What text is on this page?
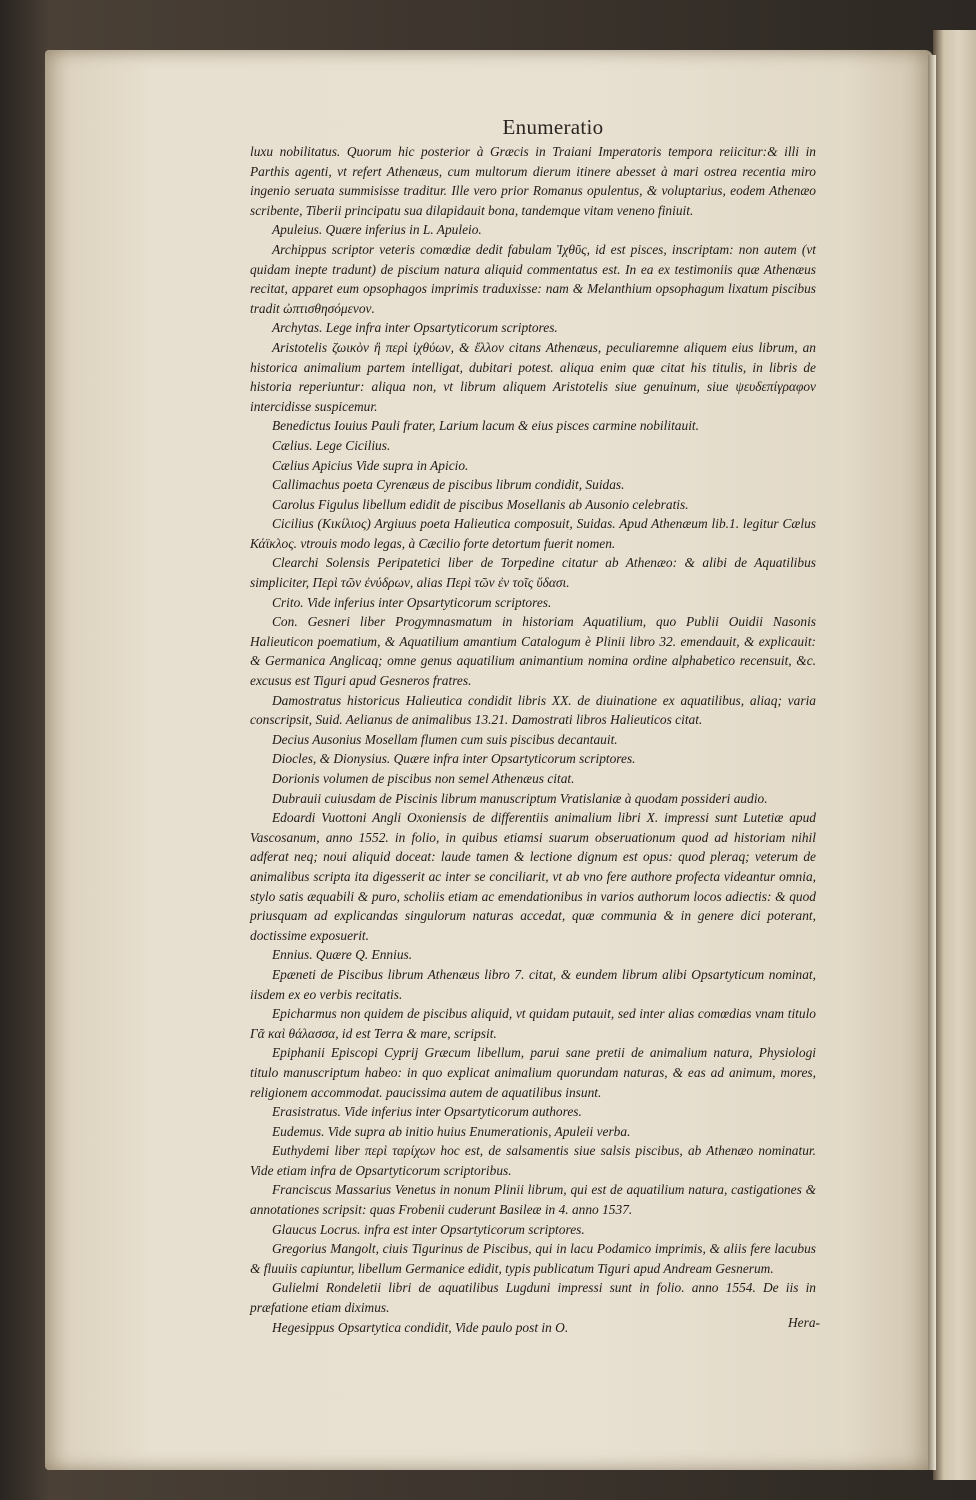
Enumeratio

luxu nobilitatus. Quorum hic posterior à Græcis in Traiani Imperatoris tempora reiicitur:& illi in Parthis agenti, vt refert Athenæus, cum multorum dierum itinere abesset à mari ostrea recentia miro ingenio seruata summisisse traditur. Ille vero prior Romanus opulentus, & voluptarius, eodem Athenæo scribente, Tiberii principatu sua dilapidauit bona, tandemque vitam veneno finiuit.

Apuleius. Quære inferius in L. Apuleio.

Archippus scriptor veteris comœdiæ dedit fabulam Ἰχθῦς, id est pisces, inscriptam: non autem (vt quidam inepte tradunt) de piscium natura aliquid commentatus est. In ea ex testimoniis quæ Athenæus recitat, apparet eum opsophagos imprimis traduxisse: nam & Melanthium opsophagum lixatum piscibus tradit ὠπτισθησόμενον.

Archytas. Lege infra inter Opsartyticorum scriptores.

Aristotelis ζωικὸν ἢ περὶ ἰχθύων, & ἔλλον citans Athenæus, peculiaremne aliquem eius librum, an historica animalium partem intelligat, dubitari potest. aliqua enim quæ citat his titulis, in libris de historia reperiuntur: aliqua non, vt librum aliquem Aristotelis siue genuinum, siue ψευδεπίγραφον intercidisse suspicemur.

Benedictus Iouius Pauli frater, Larium lacum & eius pisces carmine nobilitauit.

Cælius. Lege Cicilius.

Cælius Apicius Vide supra in Apicio.

Callimachus poeta Cyrenæus de piscibus librum condidit, Suidas.

Carolus Figulus libellum edidit de piscibus Mosellanis ab Ausonio celebratis.

Cicilius (Κικίλιος) Argiuus poeta Halieutica composuit, Suidas. Apud Athenæum lib.1. legitur Cælus Κάϊκλος. vtrouis modo legas, à Cæcilio forte detortum fuerit nomen.

Clearchi Solensis Peripatetici liber de Torpedine citatur ab Athenæo: & alibi de Aquatilibus simpliciter, Περὶ τῶν ἐνύδρων, alias Περὶ τῶν ἐν τοῖς ὕδασι.

Crito. Vide inferius inter Opsartyticorum scriptores.

Con. Gesneri liber Progymnasmatum in historiam Aquatilium, quo Publii Ouidii Nasonis Halieuticon poematium, & Aquatilium amantium Catalogum è Plinii libro 32. emendauit, & explicauit: & Germanica Anglicaq; omne genus aquatilium animantium nomina ordine alphabetico recensuit, &c. excusus est Tiguri apud Gesneros fratres.

Damostratus historicus Halieutica condidit libris XX. de diuinatione ex aquatilibus, aliaq; varia conscripsit, Suid. Aelianus de animalibus 13.21. Damostrati libros Halieuticos citat.

Decius Ausonius Mosellam flumen cum suis piscibus decantauit.

Diocles, & Dionysius. Quære infra inter Opsartyticorum scriptores.

Dorionis volumen de piscibus non semel Athenæus citat.

Dubrauii cuiusdam de Piscinis librum manuscriptum Vratislaniæ à quodam possideri audio.

Edoardi Vuottoni Angli Oxoniensis de differentiis animalium libri X. impressi sunt Lutetiæ apud Vascosanum, anno 1552. in folio, in quibus etiamsi suarum obseruationum quod ad historiam nihil adferat neq; noui aliquid doceat: laude tamen & lectione dignum est opus: quod pleraq; veterum de animalibus scripta ita digesserit ac inter se conciliarit, vt ab vno fere authore profecta videantur omnia, stylo satis æquabili & puro, scholiis etiam ac emendationibus in varios authorum locos adiectis: & quod priusquam ad explicandas singulorum naturas accedat, quæ communia & in genere dici poterant, doctissime exposuerit.

Ennius. Quære Q. Ennius.

Epæneti de Piscibus librum Athenæus libro 7. citat, & eundem librum alibi Opsartyticum nominat, iisdem ex eo verbis recitatis.

Epicharmus non quidem de piscibus aliquid, vt quidam putauit, sed inter alias comœdias vnam titulo Γᾶ καὶ θάλασσα, id est Terra & mare, scripsit.

Epiphanii Episcopi Cyprij Græcum libellum, parui sane pretii de animalium natura, Physiologi titulo manuscriptum habeo: in quo explicat animalium quorundam naturas, & eas ad animum, mores, religionem accommodat. paucissima autem de aquatilibus insunt.

Erasistratus. Vide inferius inter Opsartyticorum authores.

Eudemus. Vide supra ab initio huius Enumerationis, Apuleii verba.

Euthydemi liber περὶ ταρίχων hoc est, de salsamentis siue salsis piscibus, ab Athenæo nominatur. Vide etiam infra de Opsartyticorum scriptoribus.

Franciscus Massarius Venetus in nonum Plinii librum, qui est de aquatilium natura, castigationes & annotationes scripsit: quas Frobenii cuderunt Basileæ in 4. anno 1537.

Glaucus Locrus. infra est inter Opsartyticorum scriptores.

Gregorius Mangolt, ciuis Tigurinus de Piscibus, qui in lacu Podamico imprimis, & aliis fere lacubus & fluuiis capiuntur, libellum Germanice edidit, typis publicatum Tiguri apud Andream Gesnerum.

Gulielmi Rondeletii libri de aquatilibus Lugduni impressi sunt in folio. anno 1554. De iis in præfatione etiam diximus.

Hegesippus Opsartytica condidit, Vide paulo post in O.	Hera-
